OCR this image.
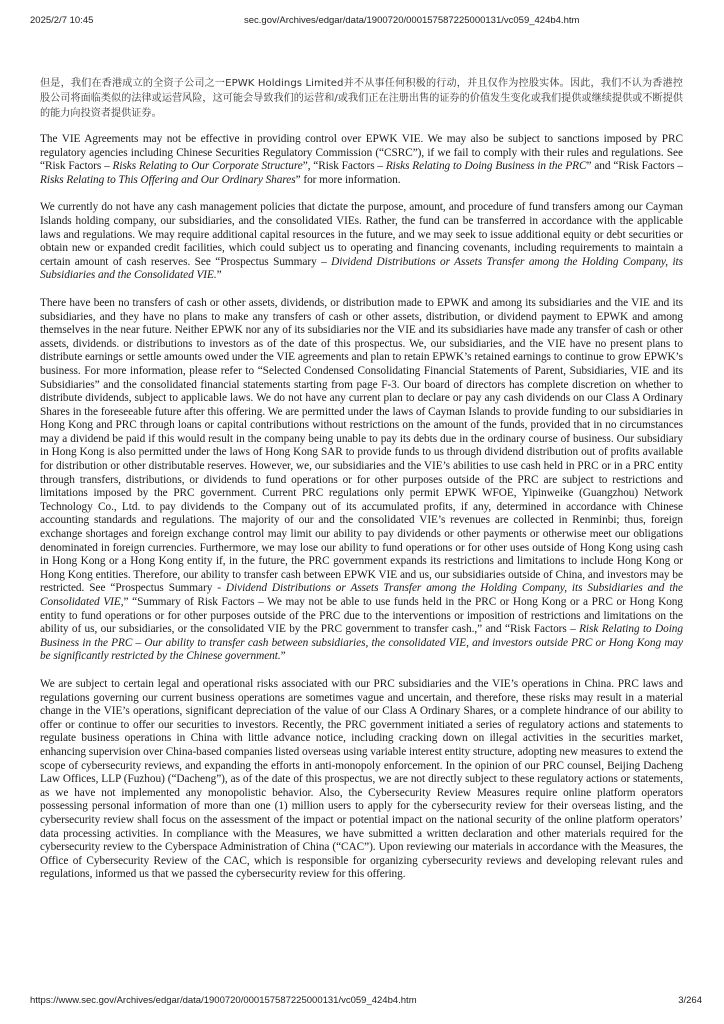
2025/2/7 10:45	sec.gov/Archives/edgar/data/1900720/000157587225000131/vc059_424b4.htm

但是，我们在香港成立的全资子公司之一EPWK Holdings Limited并不从事任何积极的行动，并且仅作为控股实体。因此，我们不认为香港控股公司将面临类似的法律或运营风险，这可能会导致我们的运营和/或我们正在注册出售的证券的价值发生变化或我们提供或继续提供或不断提供的能力向投资者提供证券。

The VIE Agreements may not be effective in providing control over EPWK VIE. We may also be subject to sanctions imposed by PRC regulatory agencies including Chinese Securities Regulatory Commission (“CSRC”), if we fail to comply with their rules and regulations. See “Risk Factors – Risks Relating to Our Corporate Structure”, “Risk Factors – Risks Relating to Doing Business in the PRC” and “Risk Factors – Risks Relating to This Offering and Our Ordinary Shares” for more information.

We currently do not have any cash management policies that dictate the purpose, amount, and procedure of fund transfers among our Cayman Islands holding company, our subsidiaries, and the consolidated VIEs. Rather, the fund can be transferred in accordance with the applicable laws and regulations. We may require additional capital resources in the future, and we may seek to issue additional equity or debt securities or obtain new or expanded credit facilities, which could subject us to operating and financing covenants, including requirements to maintain a certain amount of cash reserves. See “Prospectus Summary – Dividend Distributions or Assets Transfer among the Holding Company, its Subsidiaries and the Consolidated VIE.”

There have been no transfers of cash or other assets, dividends, or distribution made to EPWK and among its subsidiaries and the VIE and its subsidiaries, and they have no plans to make any transfers of cash or other assets, distribution, or dividend payment to EPWK and among themselves in the near future. Neither EPWK nor any of its subsidiaries nor the VIE and its subsidiaries have made any transfer of cash or other assets, dividends. or distributions to investors as of the date of this prospectus. We, our subsidiaries, and the VIE have no present plans to distribute earnings or settle amounts owed under the VIE agreements and plan to retain EPWK’s retained earnings to continue to grow EPWK’s business. For more information, please refer to “Selected Condensed Consolidating Financial Statements of Parent, Subsidiaries, VIE and its Subsidiaries” and the consolidated financial statements starting from page F-3. Our board of directors has complete discretion on whether to distribute dividends, subject to applicable laws. We do not have any current plan to declare or pay any cash dividends on our Class A Ordinary Shares in the foreseeable future after this offering. We are permitted under the laws of Cayman Islands to provide funding to our subsidiaries in Hong Kong and PRC through loans or capital contributions without restrictions on the amount of the funds, provided that in no circumstances may a dividend be paid if this would result in the company being unable to pay its debts due in the ordinary course of business. Our subsidiary in Hong Kong is also permitted under the laws of Hong Kong SAR to provide funds to us through dividend distribution out of profits available for distribution or other distributable reserves. However, we, our subsidiaries and the VIE’s abilities to use cash held in PRC or in a PRC entity through transfers, distributions, or dividends to fund operations or for other purposes outside of the PRC are subject to restrictions and limitations imposed by the PRC government. Current PRC regulations only permit EPWK WFOE, Yipinweike (Guangzhou) Network Technology Co., Ltd. to pay dividends to the Company out of its accumulated profits, if any, determined in accordance with Chinese accounting standards and regulations. The majority of our and the consolidated VIE’s revenues are collected in Renminbi; thus, foreign exchange shortages and foreign exchange control may limit our ability to pay dividends or other payments or otherwise meet our obligations denominated in foreign currencies. Furthermore, we may lose our ability to fund operations or for other uses outside of Hong Kong using cash in Hong Kong or a Hong Kong entity if, in the future, the PRC government expands its restrictions and limitations to include Hong Kong or Hong Kong entities. Therefore, our ability to transfer cash between EPWK VIE and us, our subsidiaries outside of China, and investors may be restricted. See “Prospectus Summary - Dividend Distributions or Assets Transfer among the Holding Company, its Subsidiaries and the Consolidated VIE,” “Summary of Risk Factors – We may not be able to use funds held in the PRC or Hong Kong or a PRC or Hong Kong entity to fund operations or for other purposes outside of the PRC due to the interventions or imposition of restrictions and limitations on the ability of us, our subsidiaries, or the consolidated VIE by the PRC government to transfer cash.,” and “Risk Factors – Risk Relating to Doing Business in the PRC – Our ability to transfer cash between subsidiaries, the consolidated VIE, and investors outside PRC or Hong Kong may be significantly restricted by the Chinese government.”

We are subject to certain legal and operational risks associated with our PRC subsidiaries and the VIE’s operations in China. PRC laws and regulations governing our current business operations are sometimes vague and uncertain, and therefore, these risks may result in a material change in the VIE’s operations, significant depreciation of the value of our Class A Ordinary Shares, or a complete hindrance of our ability to offer or continue to offer our securities to investors. Recently, the PRC government initiated a series of regulatory actions and statements to regulate business operations in China with little advance notice, including cracking down on illegal activities in the securities market, enhancing supervision over China-based companies listed overseas using variable interest entity structure, adopting new measures to extend the scope of cybersecurity reviews, and expanding the efforts in anti-monopoly enforcement. In the opinion of our PRC counsel, Beijing Dacheng Law Offices, LLP (Fuzhou) (“Dacheng”), as of the date of this prospectus, we are not directly subject to these regulatory actions or statements, as we have not implemented any monopolistic behavior. Also, the Cybersecurity Review Measures require online platform operators possessing personal information of more than one (1) million users to apply for the cybersecurity review for their overseas listing, and the cybersecurity review shall focus on the assessment of the impact or potential impact on the national security of the online platform operators’ data processing activities. In compliance with the Measures, we have submitted a written declaration and other materials required for the cybersecurity review to the Cyberspace Administration of China (“CAC”). Upon reviewing our materials in accordance with the Measures, the Office of Cybersecurity Review of the CAC, which is responsible for organizing cybersecurity reviews and developing relevant rules and regulations, informed us that we passed the cybersecurity review for this offering.

https://www.sec.gov/Archives/edgar/data/1900720/000157587225000131/vc059_424b4.htm	3/264
